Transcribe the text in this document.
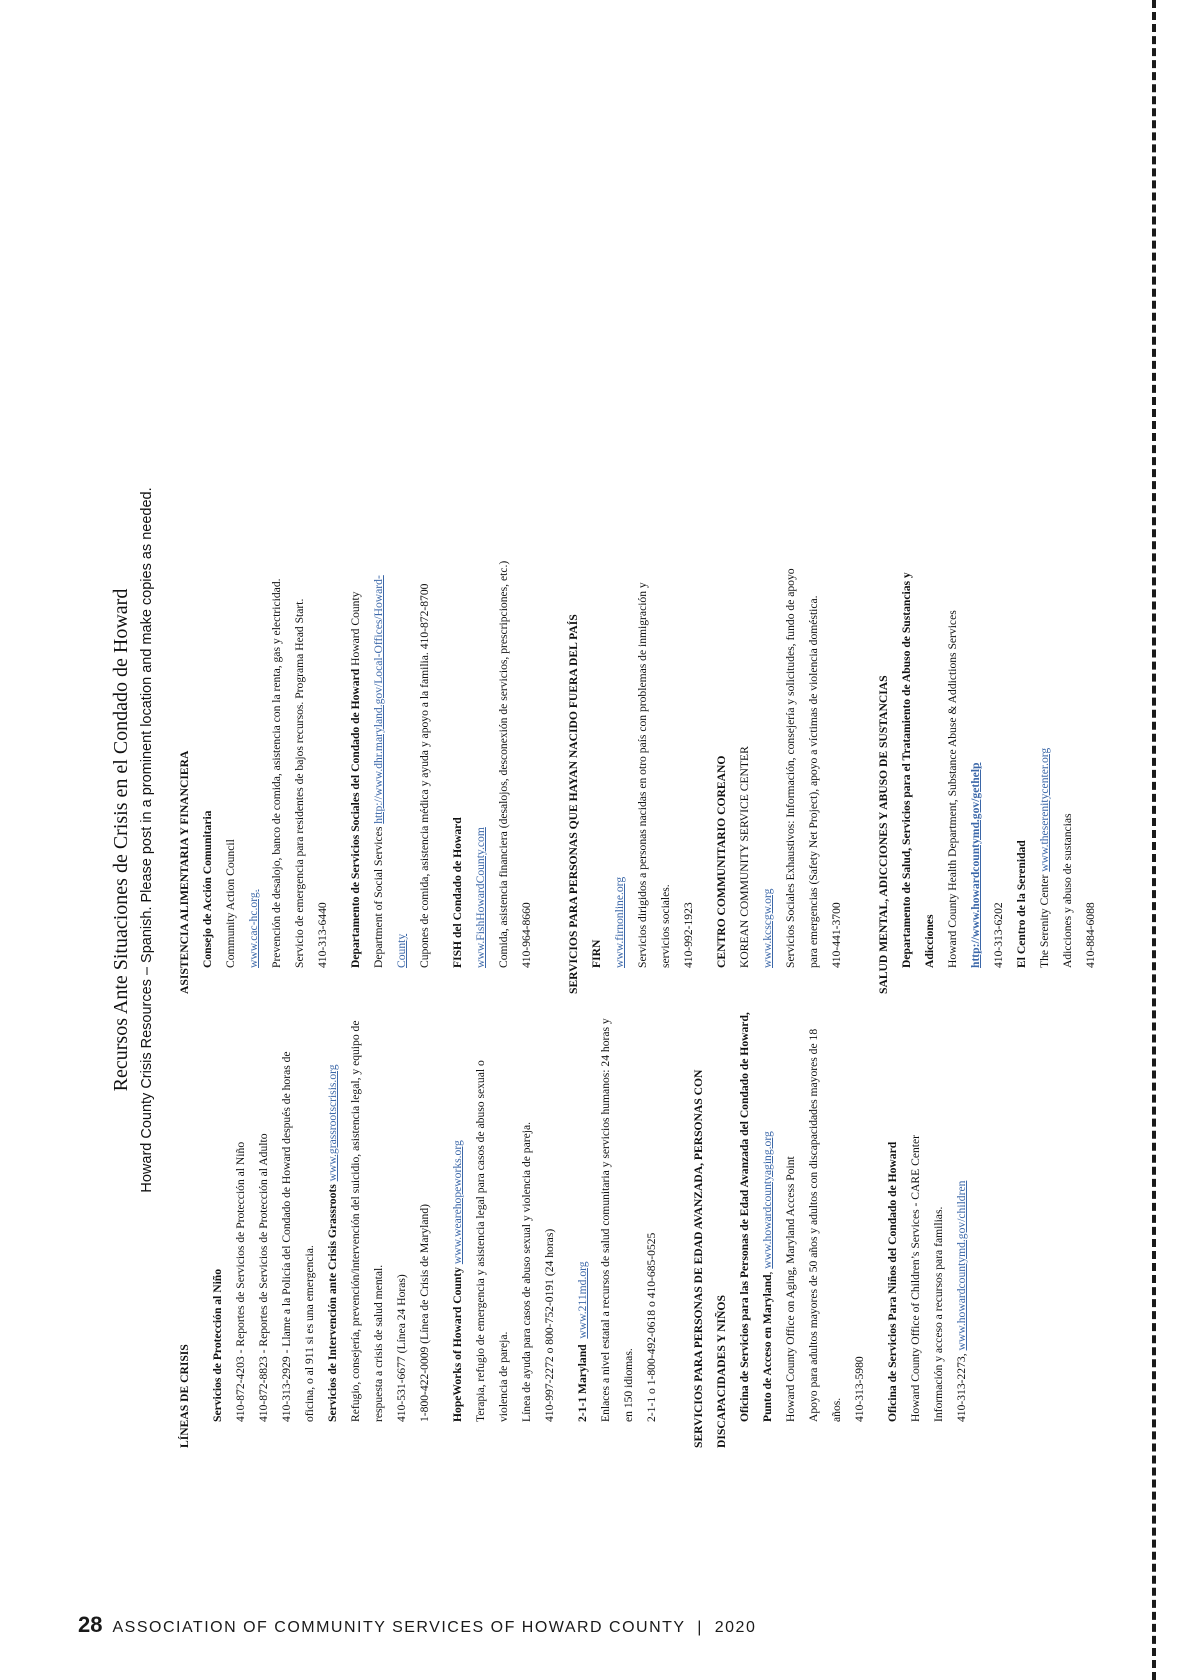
Recursos Ante Situaciones de Crisis en el Condado de Howard Howard County Crisis Resources – Spanish. Please post in a prominent location and make copies as needed.

LÍNEAS DE CRISIS	Servicios de Protección al Niño 410-872-4203 - Reportes de Servicios de Protección al Niño 410-872-8823 - Reportes de Servicios de Protección al Adulto 410-313-2929 - Llame a la Policía del Condado de Howard después de horas de oficina, o al 911 si es una emergencia. Servicios de Intervención ante Crisis Grassroots www.grassrootscrisis.org Refugio, consejería, prevención/intervención del suicidio, asistencia legal, y equipo de respuesta a crisis de salud mental. 410-531-6677 (Línea 24 Horas) 1-800-422-0009 (Línea de Crisis de Maryland)	HopeWorks of Howard County www.wearehopeworks.org Terapia, refugio de emergencia y asistencia legal para casos de abuso sexual o violencia de pareja. Línea de ayuda para casos de abuso sexual y violencia de pareja. 410-997-2272 o 800-752-0191 (24 horas)	2-1-1 Maryland  www.211md.org Enlaces a nivel estatal a recursos de salud comunitaria y servicios humanos: 24 horas y en 150 idiomas. 2-1-1 o 1-800-492-0618 o 410-685-0525	SERVICIOS PARA PERSONAS DE EDAD AVANZADA, PERSONAS CON DISCAPACIDADES Y NIÑOS Oficina de Servicios para las Personas de Edad Avanzada del Condado de Howard, Punto de Acceso en Maryland, www.howardcountyaging.org Howard County Office on Aging, Maryland Access Point Apoyo para adultos mayores de 50 años y adultos con discapacidades mayores de 18 años. 410-313-5980	Oficina de Servicios Para Niños del Condado de Howard Howard County Office of Children’s Services - CARE Center Información y acceso a recursos para familias. 410-313-2273, www.howardcountymd.gov/children
ASISTENCIA ALIMENTARIA Y FINANCIERA Consejo de Acción Comunitaria Community Action Council www.cac-hc.org. Prevención de desalojo, banco de comida, asistencia con la renta, gas y electricidad. Servicio de emergencia para residentes de bajos recursos. Programa Head Start. 410-313-6440	Departamento de Servicios Sociales del Condado de Howard Howard County
Department of Social Services http://www.dhr.maryland.gov/Local-Offices/Howard-
County Cupones de comida, asistencia médica y ayuda y apoyo a la familia. 410-872-8700	FISH del Condado de Howard www.FishHowardCounty.com Comida, asistencia financiera (desalojos, desconexión de servicios, prescripciones, etc.) 410-964-8660	SERVICIOS PARA PERSONAS QUE HAYAN NACIDO FUERA DEL PAÍS FIRN www.firnonline.org Servicios dirigidos a personas nacidas en otro país con problemas de inmigración y servicios sociales. 410-992-1923	CENTRO COMMUNITARIO COREANO KOREAN COMMUNITY SERVICE CENTER www.kcscgw.org Servicios Sociales Exhaustivos: Información, consejería y solicitudes, fundo de apoyo para emergencias (Safety Net Project), apoyo a víctimas de violencia doméstica. 410-441-3700	SALUD MENTAL, ADICCIONES Y ABUSO DE SUSTANCIAS Departamento de Salud, Servicios para el Tratamiento de Abuso de Sustancias y Adicciones Howard County Health Department, Substance Abuse & Addictions Services http://www.howardcountymd.gov/gethelp 410-313-6202 El Centro de la Serenidad The Serenity Center www.theserenitycenter.org
Adicciones y abuso de sustancias 410-884-6088
28 ASSOCIATION OF COMMUNITY SERVICES OF HOWARD COUNTY  |  2020
